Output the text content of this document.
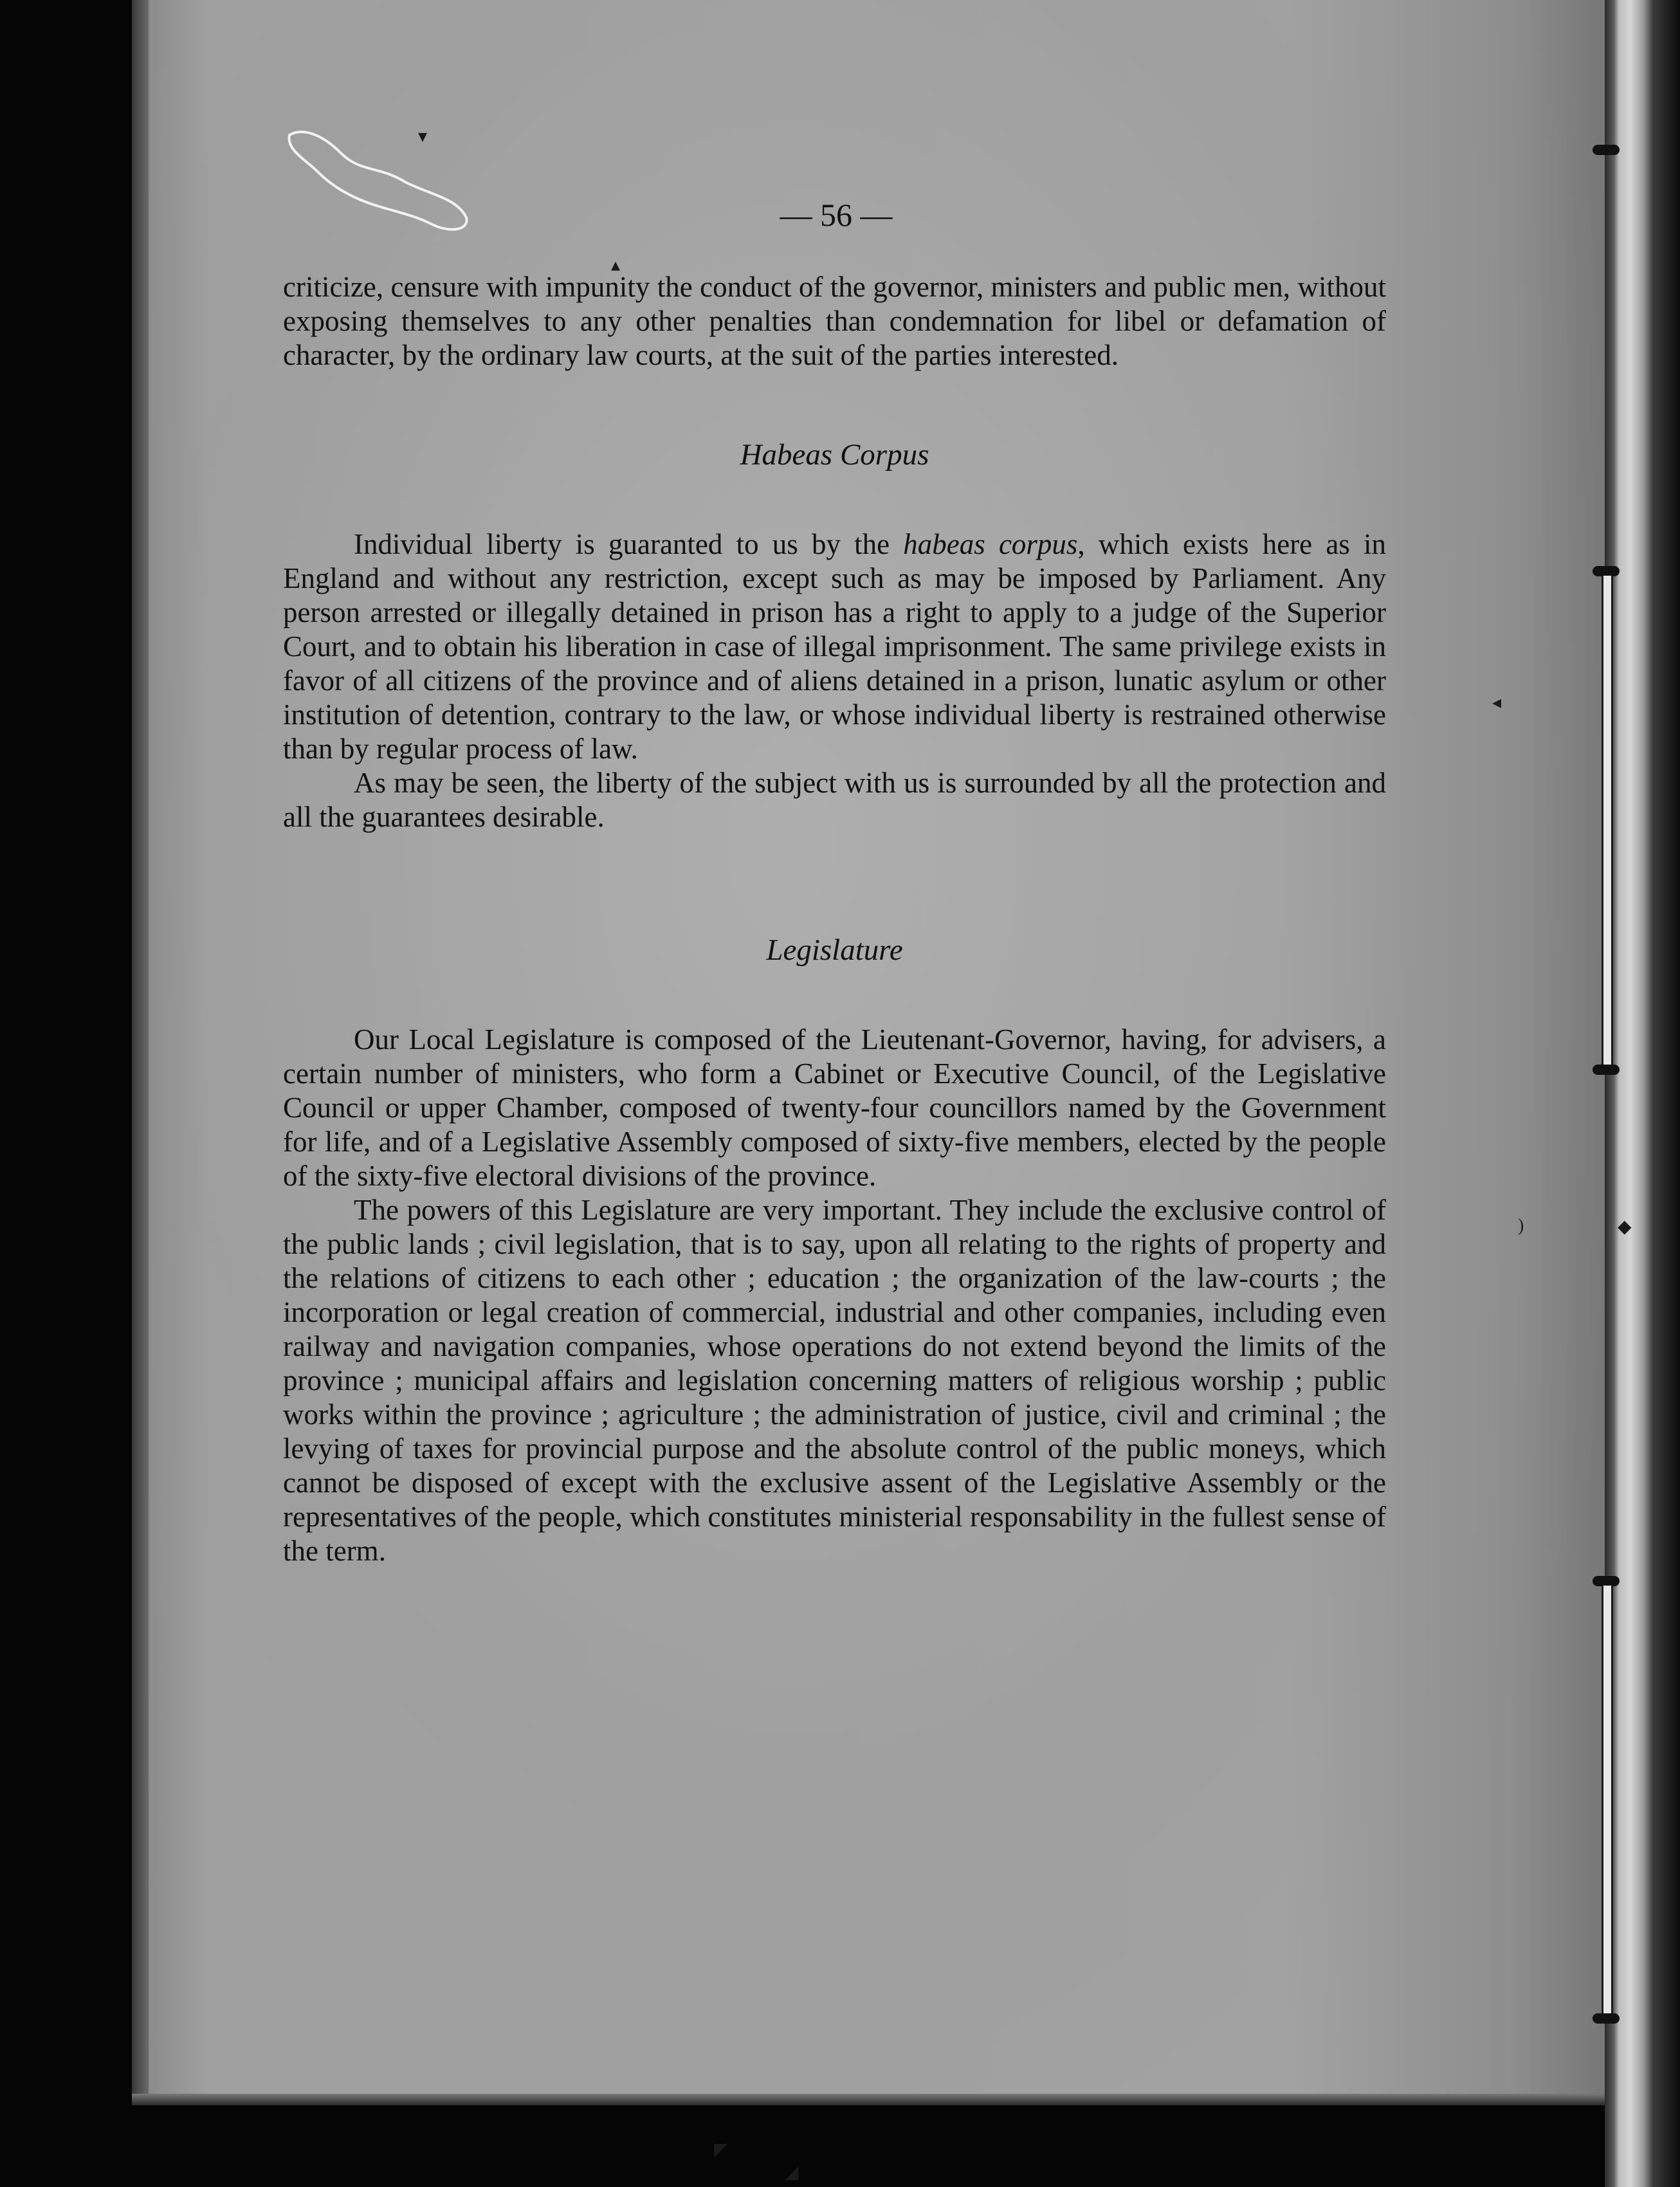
— 56 —

criticize, censure with impunity the conduct of the governor, ministers and public men, without exposing themselves to any other penalties than condemnation for libel or defamation of character, by the ordinary law courts, at the suit of the parties interested.

Habeas Corpus

Individual liberty is guaranted to us by the habeas corpus, which exists here as in England and without any restriction, except such as may be imposed by Parliament. Any person arrested or illegally detained in prison has a right to apply to a judge of the Superior Court, and to obtain his liberation in case of illegal imprisonment. The same privilege exists in favor of all citizens of the province and of aliens detained in a prison, lunatic asylum or other institution of detention, contrary to the law, or whose individual liberty is restrained otherwise than by regular process of law.

As may be seen, the liberty of the subject with us is surrounded by all the protection and all the guarantees desirable.

Legislature

Our Local Legislature is composed of the Lieutenant-Governor, having, for advisers, a certain number of ministers, who form a Cabinet or Executive Council, of the Legislative Council or upper Chamber, composed of twenty-four councillors named by the Government for life, and of a Legislative Assembly composed of sixty-five members, elected by the people of the sixty-five electoral divisions of the province.

The powers of this Legislature are very important. They include the exclusive control of the public lands ; civil legislation, that is to say, upon all relating to the rights of property and the relations of citizens to each other ; education ; the organization of the law-courts ; the incorporation or legal creation of commercial, industrial and other companies, including even railway and navigation companies, whose operations do not extend beyond the limits of the province ; municipal affairs and legislation concerning matters of religious worship ; public works within the province ; agriculture ; the administration of justice, civil and criminal ; the levying of taxes for provincial purpose and the absolute control of the public moneys, which cannot be disposed of except with the exclusive assent of the Legislative Assembly or the representatives of the people, which constitutes ministerial responsability in the fullest sense of the term.

▾
▴
◂
)	◆
◤
◢
